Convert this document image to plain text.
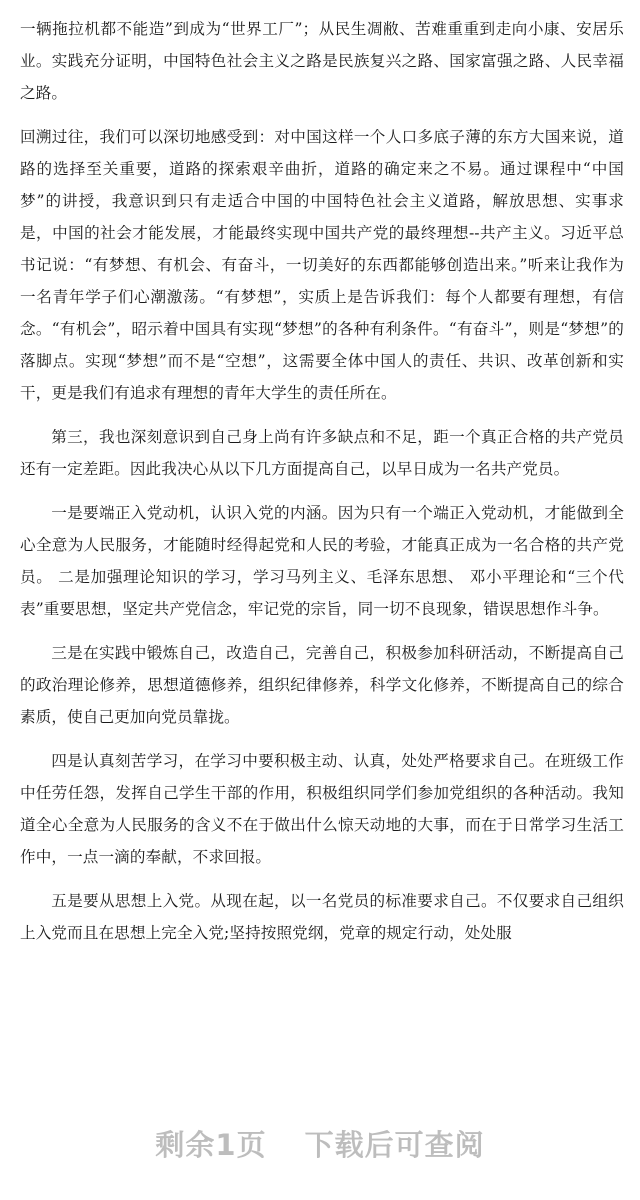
一辆拖拉机都不能造”到成为“世界工厂”；从民生凋敝、苦难重重到走向小康、安居乐业。实践充分证明，中国特色社会主义之路是民族复兴之路、国家富强之路、人民幸福之路。

回溯过往，我们可以深切地感受到：对中国这样一个人口多底子薄的东方大国来说，道路的选择至关重要，道路的探索艰辛曲折，道路的确定来之不易。通过课程中“中国梦”的讲授，我意识到只有走适合中国的中国特色社会主义道路，解放思想、实事求是，中国的社会才能发展，才能最终实现中国共产党的最终理想--共产主义。习近平总书记说：“有梦想、有机会、有奋斗，一切美好的东西都能够创造出来。”听来让我作为一名青年学子们心潮激荡。“有梦想”，实质上是告诉我们：每个人都要有理想，有信念。“有机会”，昭示着中国具有实现“梦想”的各种有利条件。“有奋斗”，则是“梦想”的落脚点。实现“梦想”而不是“空想”，这需要全体中国人的责任、共识、改革创新和实干，更是我们有追求有理想的青年大学生的责任所在。

第三，我也深刻意识到自己身上尚有许多缺点和不足，距一个真正合格的共产党员还有一定差距。因此我决心从以下几方面提高自己，以早日成为一名共产党员。

一是要端正入党动机，认识入党的内涵。因为只有一个端正入党动机，才能做到全心全意为人民服务，才能随时经得起党和人民的考验，才能真正成为一名合格的共产党员。 二是加强理论知识的学习，学习马列主义、毛泽东思想、 邓小平理论和“三个代表”重要思想，坚定共产党信念，牢记党的宗旨，同一切不良现象，错误思想作斗争。

三是在实践中锻炼自己，改造自己，完善自己，积极参加科研活动，不断提高自己的政治理论修养，思想道德修养，组织纪律修养，科学文化修养，不断提高自己的综合 素质，使自己更加向党员靠拢。

四是认真刻苦学习，在学习中要积极主动、认真，处处严格要求自己。在班级工作中任劳任怨，发挥自己学生干部的作用，积极组织同学们参加党组织的各种活动。我知道全心全意为人民服务的含义不在于做出什么惊天动地的大事，而在于日常学习生活工作中，一点一滴的奉献，不求回报。

五是要从思想上入党。从现在起，以一名党员的标准要求自己。不仅要求自己组织上入党而且在思想上完全入党;坚持按照党纲，党章的规定行动，处处服

剩余1页 下载后可查阅
